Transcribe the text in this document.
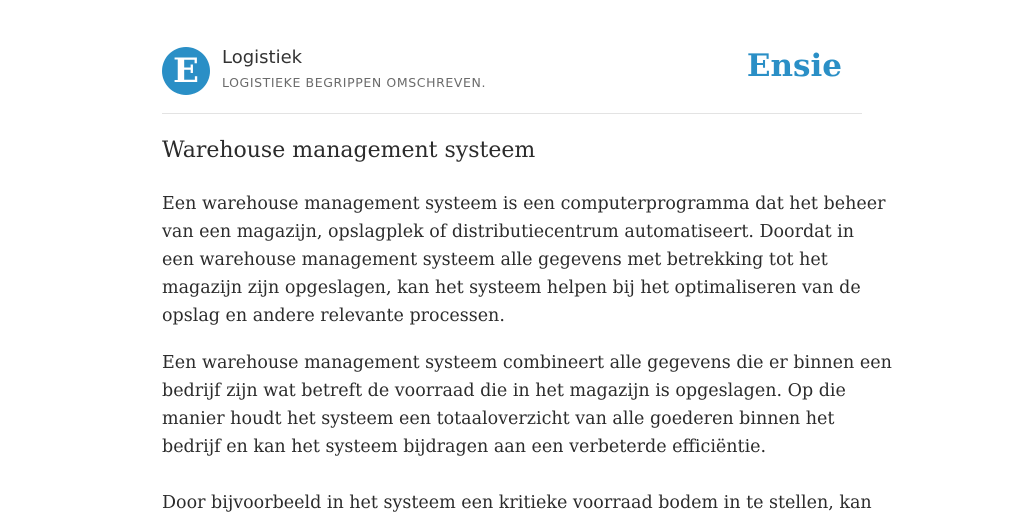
E	Logistiek
LOGISTIEKE BEGRIPPEN OMSCHREVEN.	Ensie
Warehouse management systeem

Een warehouse management systeem is een computerprogramma dat het beheer
van een magazijn, opslagplek of distributiecentrum automatiseert. Doordat in
een warehouse management systeem alle gegevens met betrekking tot het
magazijn zijn opgeslagen, kan het systeem helpen bij het optimaliseren van de
opslag en andere relevante processen.

Een warehouse management systeem combineert alle gegevens die er binnen een
bedrijf zijn wat betreft de voorraad die in het magazijn is opgeslagen. Op die
manier houdt het systeem een totaaloverzicht van alle goederen binnen het
bedrijf en kan het systeem bijdragen aan een verbeterde efficiëntie.

Door bijvoorbeeld in het systeem een kritieke voorraad bodem in te stellen, kan
